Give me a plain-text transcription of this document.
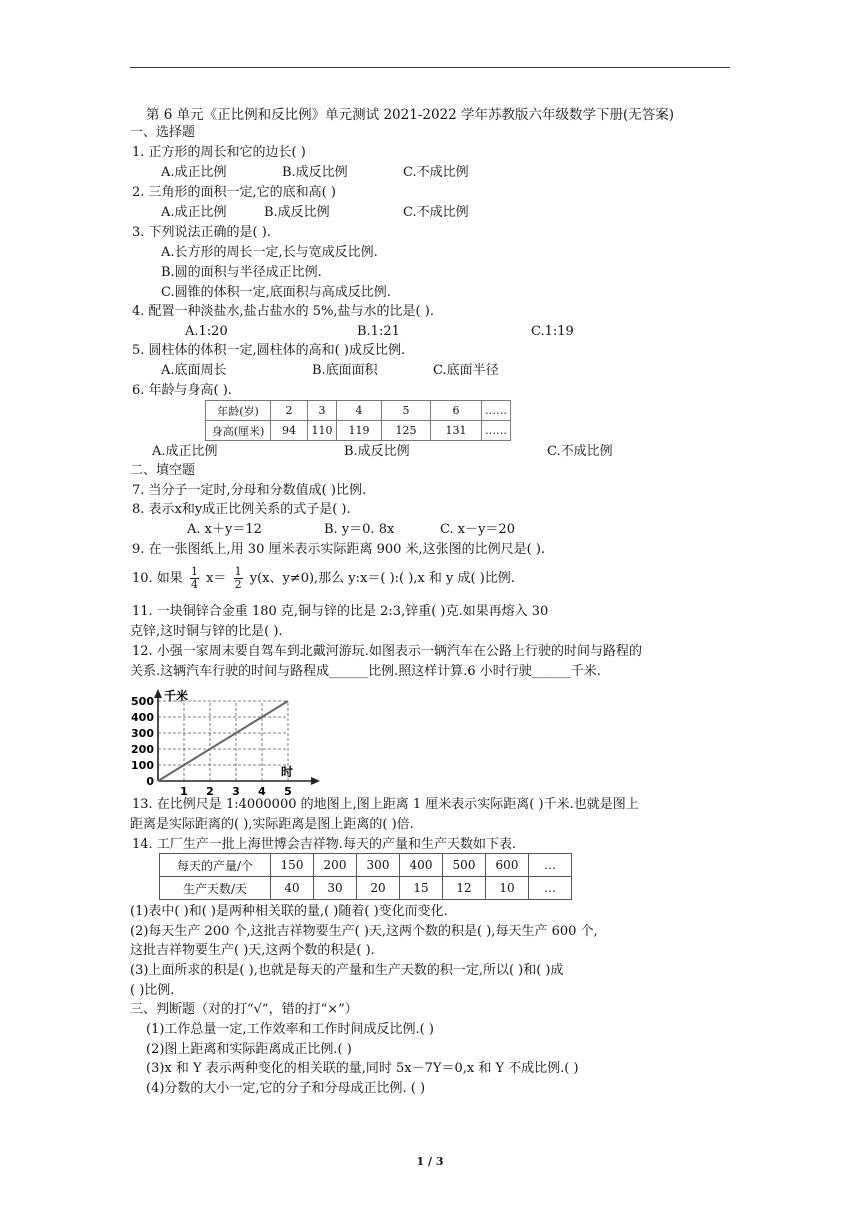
第 6 单元《正比例和反比例》单元测试 2021-2022 学年苏教版六年级数学下册(无答案)
一、选择题
1. 正方形的周长和它的边长( )
A.成正比例	B.成反比例	C.不成比例
2. 三角形的面积一定,它的底和高( )
A.成正比例	B.成反比例	C.不成比例
3. 下列说法正确的是( ).
A.长方形的周长一定,长与宽成反比例.
B.圆的面积与半径成正比例.
C.圆锥的体积一定,底面积与高成反比例.
4. 配置一种淡盐水,盐占盐水的 5%,盐与水的比是( ).
A.1:20	B.1:21	C.1:19
5. 圆柱体的体积一定,圆柱体的高和( )成反比例.
A.底面周长	B.底面面积	C.底面半径
6. 年龄与身高( ).
年龄(岁)	2	3	4	5	6	……
身高(厘米)	94	110	119	125	131	……
A.成正比例	B.成反比例	C.不成比例
二、填空题
7. 当分子一定时,分母和分数值成( )比例.
8. 表示x和y成正比例关系的式子是( ).
A. x＋y＝12	B. y＝0. 8x	C. x－y＝20
9. 在一张图纸上,用 30 厘米表示实际距离 900 米,这张图的比例尺是( ).
10. 如果 $\frac{1}{4} x= \frac{1}{2} y(x$、y≠0),那么 y:x＝( ):( ),x 和 y 成( )比例.
11. 一块铜锌合金重 180 克,铜与锌的比是 2:3,锌重( )克.如果再熔入 30
克锌,这时铜与锌的比是( ).
12. 小强一家周末要自驾车到北戴河游玩.如图表示一辆汽车在公路上行驶的时间与路程的
关系.这辆汽车行驶的时间与路程成______比例.照这样计算.6 小时行驶______千米.
千米
时
0
100
200
300
400
500
1 2 3 4 5
13. 在比例尺是 1:4000000 的地图上,图上距离 1 厘米表示实际距离( )千米.也就是图上
距离是实际距离的( ),实际距离是图上距离的( )倍.
14. 工厂生产一批上海世博会吉祥物.每天的产量和生产天数如下表.
每天的产量/个	150	200	300	400	500	600	…
生产天数/天	40	30	20	15	12	10	…
(1)表中( )和( )是两种相关联的量,( )随着( )变化而变化.
(2)每天生产 200 个,这批吉祥物要生产( )天,这两个数的积是( ),每天生产 600 个,
这批吉祥物要生产( )天,这两个数的积是( ).
(3)上面所求的积是( ),也就是每天的产量和生产天数的积一定,所以( )和( )成
( )比例.
三、判断题（对的打“√”，错的打“×”）
(1)工作总量一定,工作效率和工作时间成反比例.( )
(2)图上距离和实际距离成正比例.( )
(3)x 和 Y 表示两种变化的相关联的量,同时 5x－7Y＝0,x 和 Y 不成比例.( )
(4)分数的大小一定,它的分子和分母成正比例. ( )
1 / 3
